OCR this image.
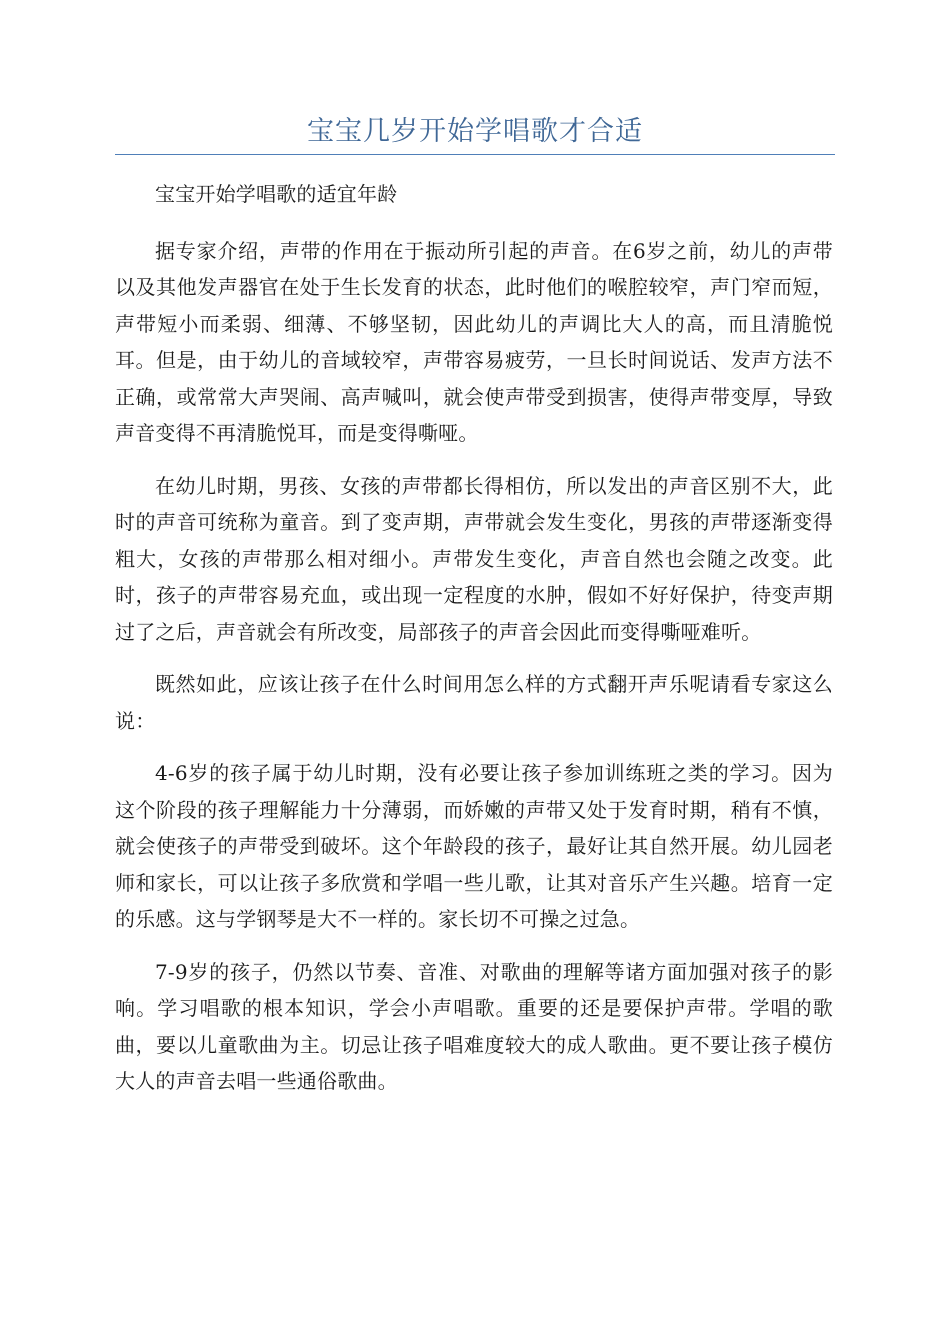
宝宝几岁开始学唱歌才合适

宝宝开始学唱歌的适宜年龄

据专家介绍，声带的作用在于振动所引起的声音。在6岁之前，幼儿的声带以及其他发声器官在处于生长发育的状态，此时他们的喉腔较窄，声门窄而短，声带短小而柔弱、细薄、不够坚韧，因此幼儿的声调比大人的高，而且清脆悦耳。但是，由于幼儿的音域较窄，声带容易疲劳，一旦长时间说话、发声方法不正确，或常常大声哭闹、高声喊叫，就会使声带受到损害，使得声带变厚，导致声音变得不再清脆悦耳，而是变得嘶哑。

在幼儿时期，男孩、女孩的声带都长得相仿，所以发出的声音区别不大，此时的声音可统称为童音。到了变声期，声带就会发生变化，男孩的声带逐渐变得粗大，女孩的声带那么相对细小。声带发生变化，声音自然也会随之改变。此时，孩子的声带容易充血，或出现一定程度的水肿，假如不好好保护，待变声期过了之后，声音就会有所改变，局部孩子的声音会因此而变得嘶哑难听。

既然如此，应该让孩子在什么时间用怎么样的方式翻开声乐呢请看专家这么说：

4-6岁的孩子属于幼儿时期，没有必要让孩子参加训练班之类的学习。因为这个阶段的孩子理解能力十分薄弱，而娇嫩的声带又处于发育时期，稍有不慎，就会使孩子的声带受到破坏。这个年龄段的孩子，最好让其自然开展。幼儿园老师和家长，可以让孩子多欣赏和学唱一些儿歌，让其对音乐产生兴趣。培育一定的乐感。这与学钢琴是大不一样的。家长切不可操之过急。

7-9岁的孩子，仍然以节奏、音准、对歌曲的理解等诸方面加强对孩子的影响。学习唱歌的根本知识，学会小声唱歌。重要的还是要保护声带。学唱的歌曲，要以儿童歌曲为主。切忌让孩子唱难度较大的成人歌曲。更不要让孩子模仿大人的声音去唱一些通俗歌曲。
